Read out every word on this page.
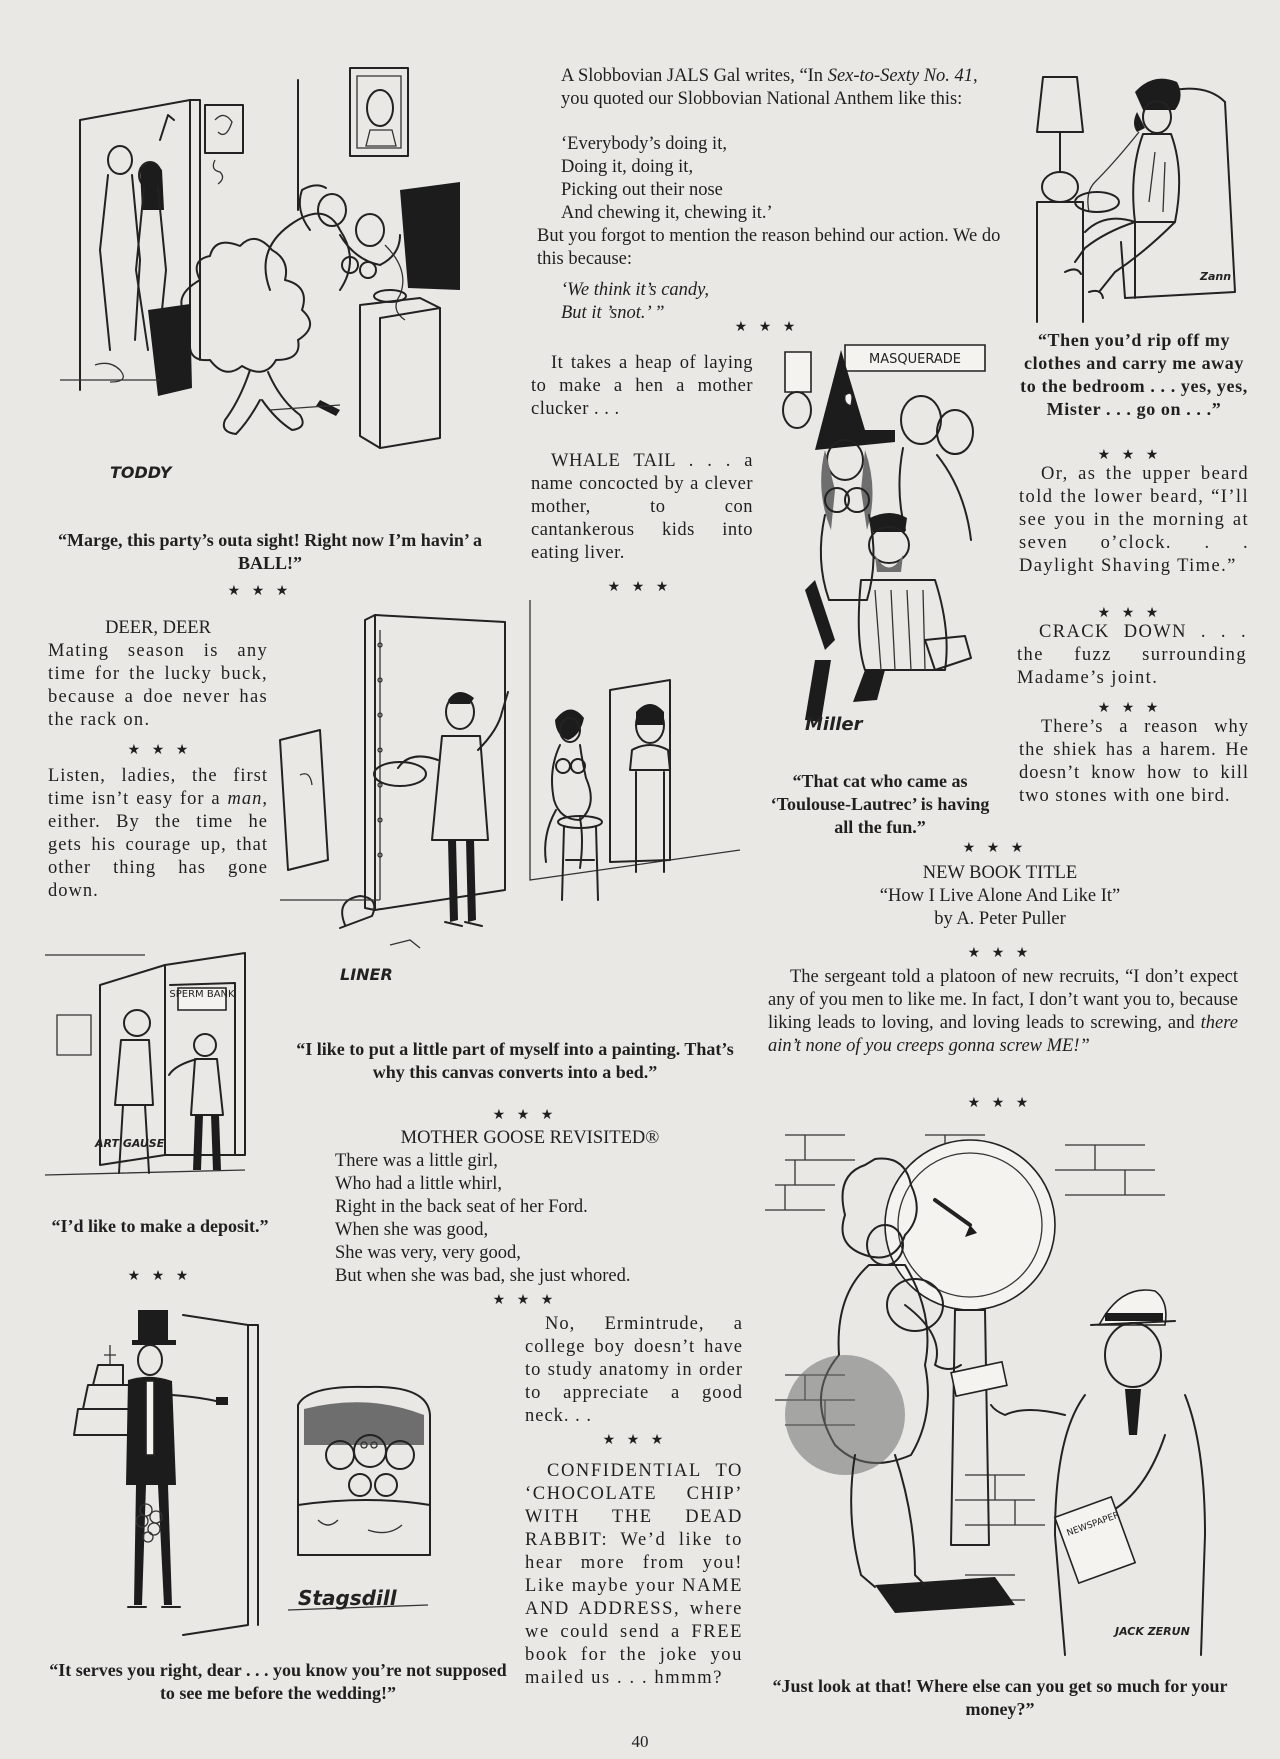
TODDY
“Marge, this party’s outa sight! Right now I’m havin’ a BALL!”
★ ★ ★
DEER, DEER
Mating season is any time for the lucky buck, because a doe never has the rack on.
★ ★ ★
Listen, ladies, the first time isn’t easy for a man, either. By the time he gets his courage up, that other thing has gone down.
LINER
“I like to put a little part of myself into a painting. That’s why this canvas converts into a bed.”
★ ★ ★
SPERM BANK
ART GAUSE
“I’d like to make a deposit.”
★ ★ ★
Stagsdill
“It serves you right, dear . . . you know you’re not supposed to see me before the wedding!”
A Slobbovian JALS Gal writes, “In Sex-to-Sexty No. 41, you quoted our Slobbovian National Anthem like this:
‘Everybody’s doing it,
Doing it, doing it,
Picking out their nose
And chewing it, chewing it.’
But you forgot to mention the reason behind our action. We do this because:
‘We think it’s candy,
But it ’snot.’ ”
★ ★ ★
It takes a heap of laying to make a hen a mother clucker . . .
WHALE TAIL . . . a name concocted by a clever mother, to con cantankerous kids into eating liver.
★ ★ ★
MOTHER GOOSE REVISITED®
There was a little girl,
Who had a little whirl,
Right in the back seat of her Ford.
When she was good,
She was very, very good,
But when she was bad, she just whored.
★ ★ ★
No, Ermintrude, a college boy doesn’t have to study anatomy in order to appreciate a good neck. . .
★ ★ ★
CONFIDENTIAL TO ‘CHOCOLATE CHIP’ WITH THE DEAD RABBIT: We’d like to hear more from you! Like maybe your NAME AND ADDRESS, where we could send a FREE book for the joke you mailed us . . . hmmm?
MASQUERADE
Miller
“That cat who came as ‘Toulouse-Lautrec’ is having all the fun.”
★ ★ ★
Zann
“Then you’d rip off my clothes and carry me away to the bedroom . . . yes, yes, Mister . . . go on . . .”
★ ★ ★
Or, as the upper beard told the lower beard, “I’ll see you in the morning at seven o’clock. . . Daylight Shaving Time.”
★ ★ ★
CRACK DOWN . . . the fuzz surrounding Madame’s joint.
★ ★ ★
There’s a reason why the shiek has a harem. He doesn’t know how to kill two stones with one bird.
NEW BOOK TITLE
“How I Live Alone And Like It”
by A. Peter Puller
★ ★ ★
The sergeant told a platoon of new recruits, “I don’t expect any of you men to like me. In fact, I don’t want you to, because liking leads to loving, and loving leads to screwing, and there ain’t none of you creeps gonna screw ME!”
★ ★ ★
NEWSPAPER
JACK ZERUN
“Just look at that! Where else can you get so much for your money?”
40
